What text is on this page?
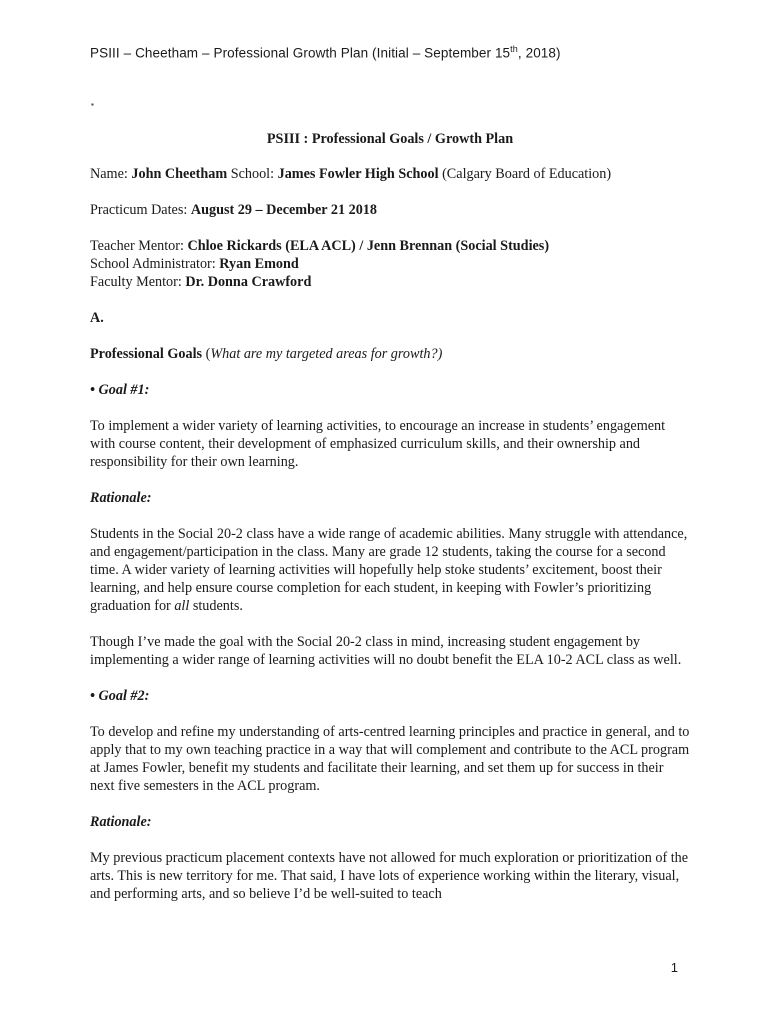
PSIII – Cheetham – Professional Growth Plan (Initial – September 15th, 2018)
▪

PSIII : Professional Goals / Growth Plan

Name: John Cheetham School: James Fowler High School (Calgary Board of Education)

Practicum Dates: August 29 – December 21 2018

Teacher Mentor: Chloe Rickards (ELA ACL) / Jenn Brennan (Social Studies)

School Administrator: Ryan Emond

Faculty Mentor: Dr. Donna Crawford

A.

Professional Goals (What are my targeted areas for growth?)

• Goal #1:

To implement a wider variety of learning activities, to encourage an increase in students’ engagement with course content, their development of emphasized curriculum skills, and their ownership and responsibility for their own learning.

Rationale:

Students in the Social 20-2 class have a wide range of academic abilities. Many struggle with attendance, and engagement/participation in the class. Many are grade 12 students, taking the course for a second time. A wider variety of learning activities will hopefully help stoke students’ excitement, boost their learning, and help ensure course completion for each student, in keeping with Fowler’s prioritizing graduation for all students.

Though I’ve made the goal with the Social 20-2 class in mind, increasing student engagement by implementing a wider range of learning activities will no doubt benefit the ELA 10-2 ACL class as well.

• Goal #2:

To develop and refine my understanding of arts-centred learning principles and practice in general, and to apply that to my own teaching practice in a way that will complement and contribute to the ACL program at James Fowler, benefit my students and facilitate their learning, and set them up for success in their next five semesters in the ACL program.

Rationale:

My previous practicum placement contexts have not allowed for much exploration or prioritization of the arts. This is new territory for me. That said, I have lots of experience working within the literary, visual, and performing arts, and so believe I’d be well-suited to teach

1
